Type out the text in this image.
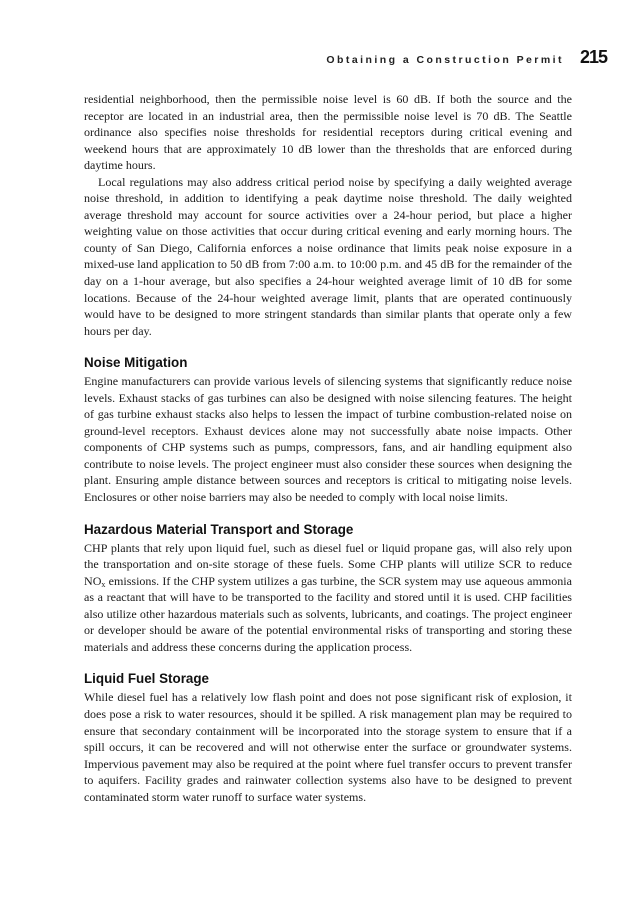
Obtaining a Construction Permit 215

residential neighborhood, then the permissible noise level is 60 dB. If both the source and the receptor are located in an industrial area, then the permissible noise level is 70 dB. The Seattle ordinance also specifies noise thresholds for residential receptors during critical evening and weekend hours that are approximately 10 dB lower than the thresholds that are enforced during daytime hours.

Local regulations may also address critical period noise by specifying a daily weighted average noise threshold, in addition to identifying a peak daytime noise threshold. The daily weighted average threshold may account for source activities over a 24-hour period, but place a higher weighting value on those activities that occur during critical evening and early morning hours. The county of San Diego, California enforces a noise ordinance that limits peak noise exposure in a mixed-use land application to 50 dB from 7:00 a.m. to 10:00 p.m. and 45 dB for the remainder of the day on a 1-hour average, but also specifies a 24-hour weighted average limit of 10 dB for some locations. Because of the 24-hour weighted average limit, plants that are operated continuously would have to be designed to more stringent standards than similar plants that operate only a few hours per day.

Noise Mitigation

Engine manufacturers can provide various levels of silencing systems that significantly reduce noise levels. Exhaust stacks of gas turbines can also be designed with noise silencing features. The height of gas turbine exhaust stacks also helps to lessen the impact of turbine combustion-related noise on ground-level receptors. Exhaust devices alone may not successfully abate noise impacts. Other components of CHP systems such as pumps, compressors, fans, and air handling equipment also contribute to noise levels. The project engineer must also consider these sources when designing the plant. Ensuring ample distance between sources and receptors is critical to mitigating noise levels. Enclosures or other noise barriers may also be needed to comply with local noise limits.

Hazardous Material Transport and Storage

CHP plants that rely upon liquid fuel, such as diesel fuel or liquid propane gas, will also rely upon the transportation and on-site storage of these fuels. Some CHP plants will utilize SCR to reduce $NO_x$ emissions. If the CHP system utilizes a gas turbine, the SCR system may use aqueous ammonia as a reactant that will have to be transported to the facility and stored until it is used. CHP facilities also utilize other hazardous materials such as solvents, lubricants, and coatings. The project engineer or developer should be aware of the potential environmental risks of transporting and storing these materials and address these concerns during the application process.

Liquid Fuel Storage

While diesel fuel has a relatively low flash point and does not pose significant risk of explosion, it does pose a risk to water resources, should it be spilled. A risk management plan may be required to ensure that secondary containment will be incorporated into the storage system to ensure that if a spill occurs, it can be recovered and will not otherwise enter the surface or groundwater systems. Impervious pavement may also be required at the point where fuel transfer occurs to prevent transfer to aquifers. Facility grades and rainwater collection systems also have to be designed to prevent contaminated storm water runoff to surface water systems.
